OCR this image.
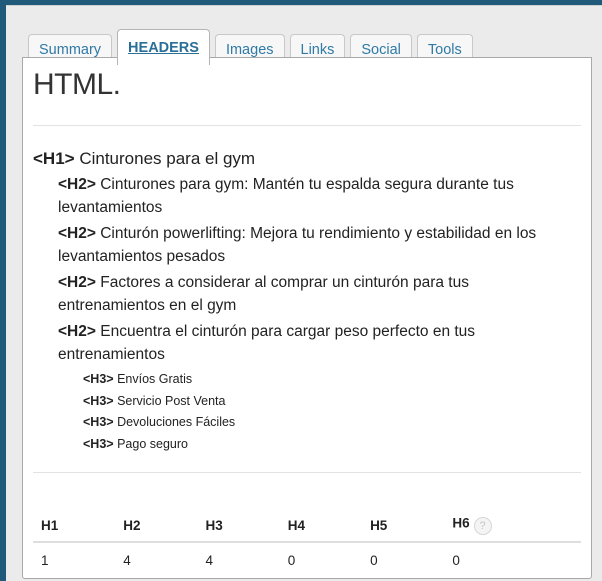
Summary	HEADERS	Images	Links	Social	Tools
HTML.
<H1> Cinturones para el gym
<H2> Cinturones para gym: Mantén tu espalda segura durante tus levantamientos
<H2> Cinturón powerlifting: Mejora tu rendimiento y estabilidad en los levantamientos pesados
<H2> Factores a considerar al comprar un cinturón para tus entrenamientos en el gym
<H2> Encuentra el cinturón para cargar peso perfecto en tus entrenamientos
<H3> Envíos Gratis
<H3> Servicio Post Venta
<H3> Devoluciones Fáciles
<H3> Pago seguro
H1	H2	H3	H4	H5	H6 ?
1	4	4	0	0	0
